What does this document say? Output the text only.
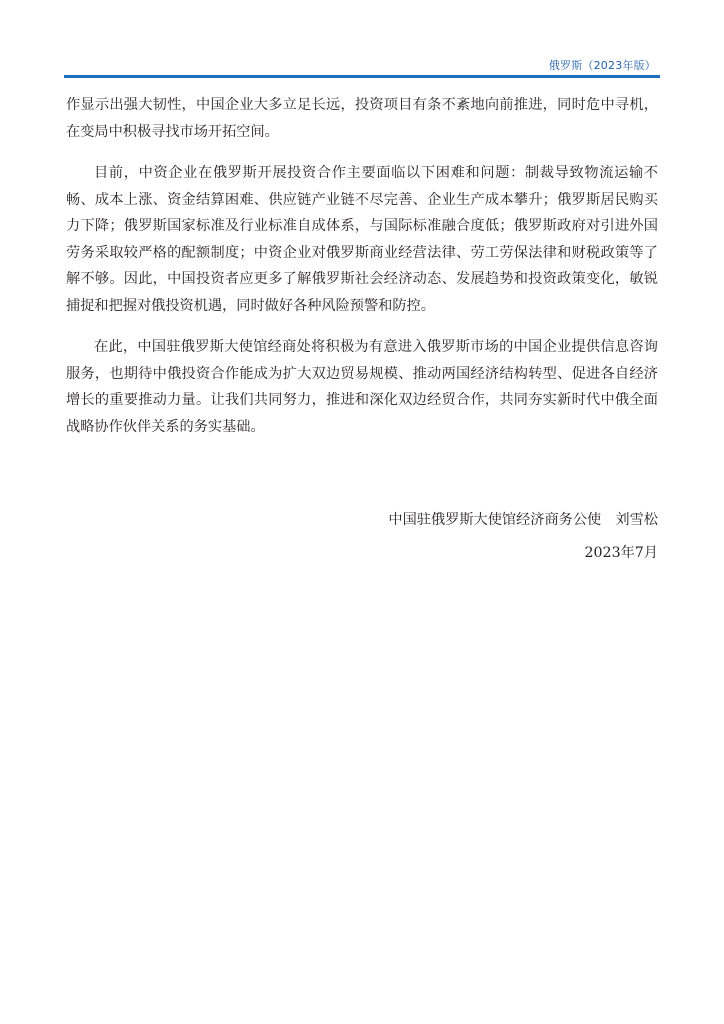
俄罗斯（2023年版）

作显示出强大韧性，中国企业大多立足长远，投资项目有条不紊地向前推进，同时危中寻机，在变局中积极寻找市场开拓空间。

目前，中资企业在俄罗斯开展投资合作主要面临以下困难和问题：制裁导致物流运输不畅、成本上涨、资金结算困难、供应链产业链不尽完善、企业生产成本攀升；俄罗斯居民购买力下降；俄罗斯国家标准及行业标准自成体系，与国际标准融合度低；俄罗斯政府对引进外国劳务采取较严格的配额制度；中资企业对俄罗斯商业经营法律、劳工劳保法律和财税政策等了解不够。因此，中国投资者应更多了解俄罗斯社会经济动态、发展趋势和投资政策变化，敏锐捕捉和把握对俄投资机遇，同时做好各种风险预警和防控。

在此，中国驻俄罗斯大使馆经商处将积极为有意进入俄罗斯市场的中国企业提供信息咨询服务，也期待中俄投资合作能成为扩大双边贸易规模、推动两国经济结构转型、促进各自经济增长的重要推动力量。让我们共同努力，推进和深化双边经贸合作，共同夯实新时代中俄全面战略协作伙伴关系的务实基础。

中国驻俄罗斯大使馆经济商务公使　刘雪松
2023年7月
